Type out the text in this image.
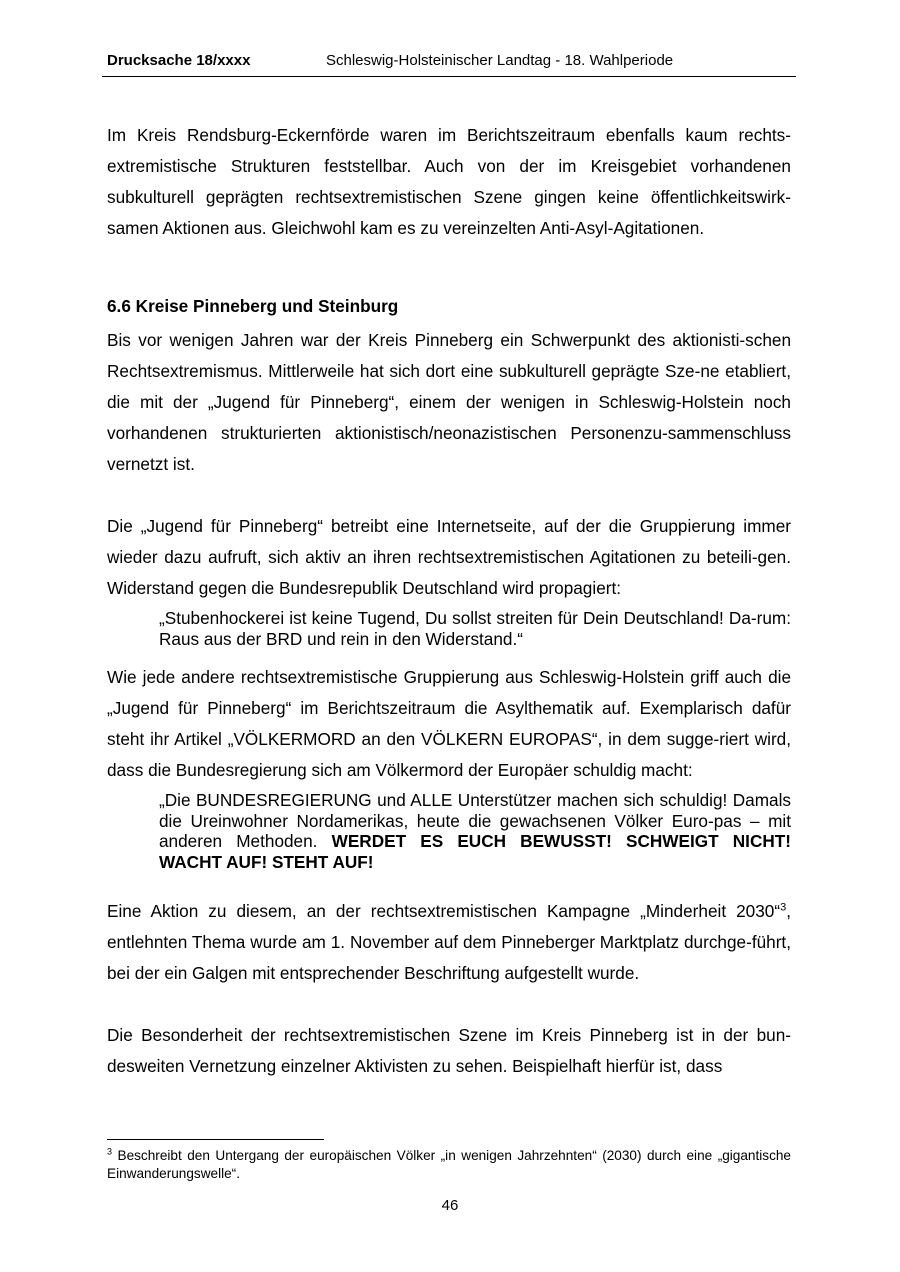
Drucksache 18/xxxx	Schleswig-Holsteinischer Landtag - 18. Wahlperiode

Im Kreis Rendsburg-Eckernförde waren im Berichtszeitraum ebenfalls kaum rechts-extremistische Strukturen feststellbar. Auch von der im Kreisgebiet vorhandenen subkulturell geprägten rechtsextremistischen Szene gingen keine öffentlichkeitswirk-samen Aktionen aus. Gleichwohl kam es zu vereinzelten Anti-Asyl-Agitationen.

6.6 Kreise Pinneberg und Steinburg

Bis vor wenigen Jahren war der Kreis Pinneberg ein Schwerpunkt des aktionisti-schen Rechtsextremismus. Mittlerweile hat sich dort eine subkulturell geprägte Sze-ne etabliert, die mit der „Jugend für Pinneberg“, einem der wenigen in Schleswig-Holstein noch vorhandenen strukturierten aktionistisch/neonazistischen Personenzu-sammenschluss vernetzt ist.

Die „Jugend für Pinneberg“ betreibt eine Internetseite, auf der die Gruppierung immer wieder dazu aufruft, sich aktiv an ihren rechtsextremistischen Agitationen zu beteili-gen. Widerstand gegen die Bundesrepublik Deutschland wird propagiert:

„Stubenhockerei ist keine Tugend, Du sollst streiten für Dein Deutschland! Da-rum: Raus aus der BRD und rein in den Widerstand.“

Wie jede andere rechtsextremistische Gruppierung aus Schleswig-Holstein griff auch die „Jugend für Pinneberg“ im Berichtszeitraum die Asylthematik auf. Exemplarisch dafür steht ihr Artikel „VÖLKERMORD an den VÖLKERN EUROPAS“, in dem sugge-riert wird, dass die Bundesregierung sich am Völkermord der Europäer schuldig macht:

„Die BUNDESREGIERUNG und ALLE Unterstützer machen sich schuldig! Damals die Ureinwohner Nordamerikas, heute die gewachsenen Völker Euro-pas – mit anderen Methoden. WERDET ES EUCH BEWUSST! SCHWEIGT NICHT! WACHT AUF! STEHT AUF!

Eine Aktion zu diesem, an der rechtsextremistischen Kampagne „Minderheit 2030“$^3$, entlehnten Thema wurde am 1. November auf dem Pinneberger Marktplatz durchge-führt, bei der ein Galgen mit entsprechender Beschriftung aufgestellt wurde.

Die Besonderheit der rechtsextremistischen Szene im Kreis Pinneberg ist in der bun-desweiten Vernetzung einzelner Aktivisten zu sehen. Beispielhaft hierfür ist, dass

$^3$ Beschreibt den Untergang der europäischen Völker „in wenigen Jahrzehnten“ (2030) durch eine „gigantische Einwanderungswelle“.
46
